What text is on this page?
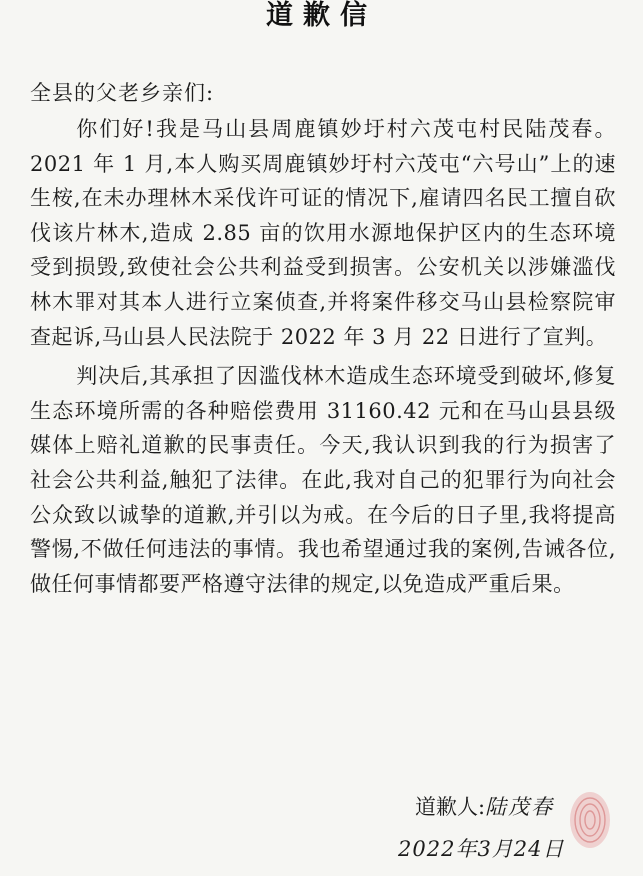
道歉信
全县的父老乡亲们:

你们好!我是马山县周鹿镇妙圩村六茂屯村民陆茂春。2021 年 1 月,本人购买周鹿镇妙圩村六茂屯“六号山”上的速生桉,在未办理林木采伐许可证的情况下,雇请四名民工擅自砍伐该片林木,造成 2.85 亩的饮用水源地保护区内的生态环境受到损毁,致使社会公共利益受到损害。公安机关以涉嫌滥伐林木罪对其本人进行立案侦查,并将案件移交马山县检察院审查起诉,马山县人民法院于 2022 年 3 月 22 日进行了宣判。

判决后,其承担了因滥伐林木造成生态环境受到破坏,修复生态环境所需的各种赔偿费用 31160.42 元和在马山县县级媒体上赔礼道歉的民事责任。今天,我认识到我的行为损害了社会公共利益,触犯了法律。在此,我对自己的犯罪行为向社会公众致以诚挚的道歉,并引以为戒。在今后的日子里,我将提高警惕,不做任何违法的事情。我也希望通过我的案例,告诫各位,做任何事情都要严格遵守法律的规定,以免造成严重后果。

道歉人:陆茂春
2022年3月24日
